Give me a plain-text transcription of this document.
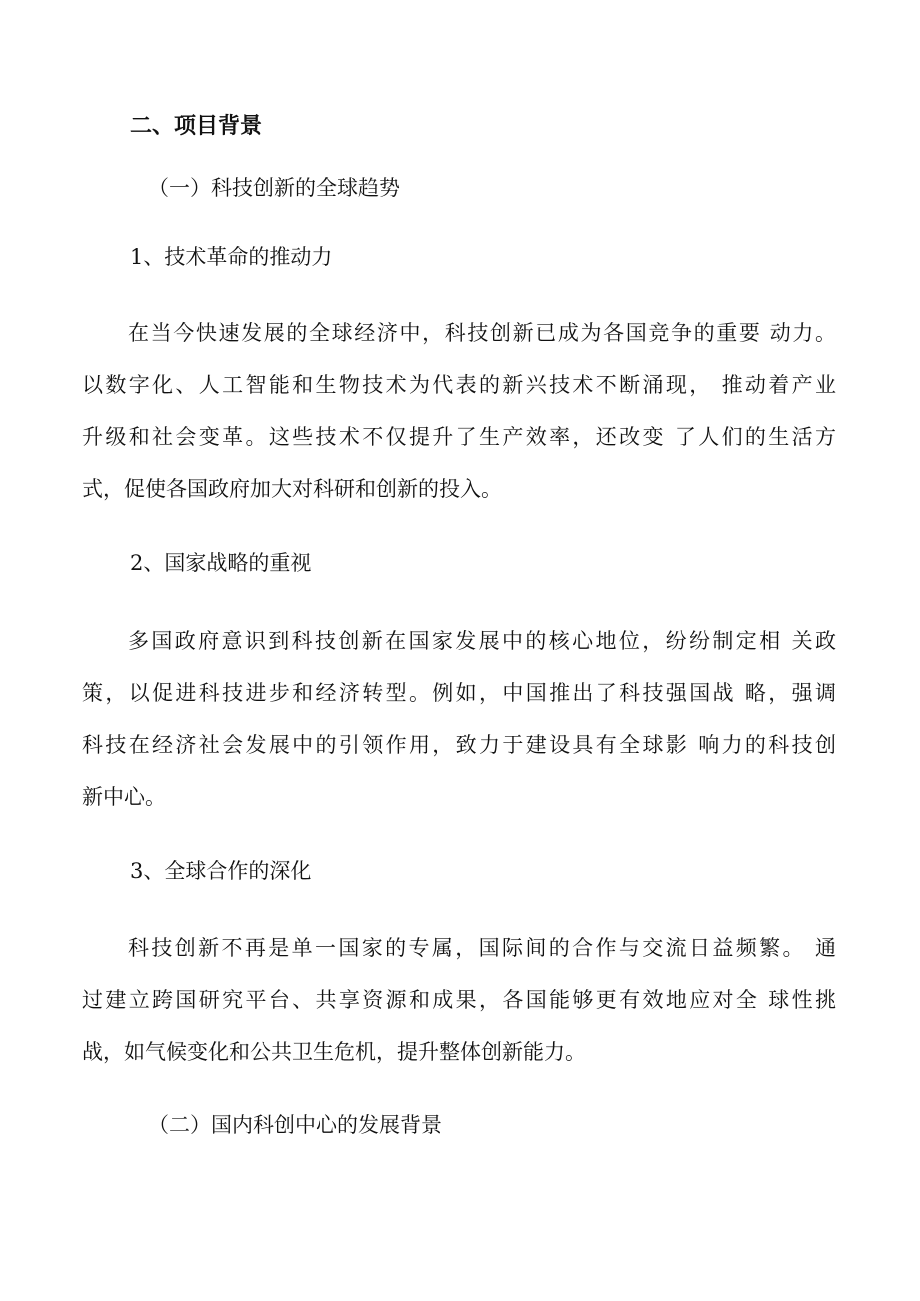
二、项目背景
（一）科技创新的全球趋势
1、技术革命的推动力
在当今快速发展的全球经济中，科技创新已成为各国竞争的重要 动力。
以数字化、人工智能和生物技术为代表的新兴技术不断涌现， 推动着产业
升级和社会变革。这些技术不仅提升了生产效率，还改变 了人们的生活方
式，促使各国政府加大对科研和创新的投入。
2、国家战略的重视
多国政府意识到科技创新在国家发展中的核心地位，纷纷制定相 关政
策，以促进科技进步和经济转型。例如，中国推出了科技强国战 略，强调
科技在经济社会发展中的引领作用，致力于建设具有全球影 响力的科技创
新中心。
3、全球合作的深化
科技创新不再是单一国家的专属，国际间的合作与交流日益频繁。 通
过建立跨国研究平台、共享资源和成果，各国能够更有效地应对全 球性挑
战，如气候变化和公共卫生危机，提升整体创新能力。
（二）国内科创中心的发展背景
